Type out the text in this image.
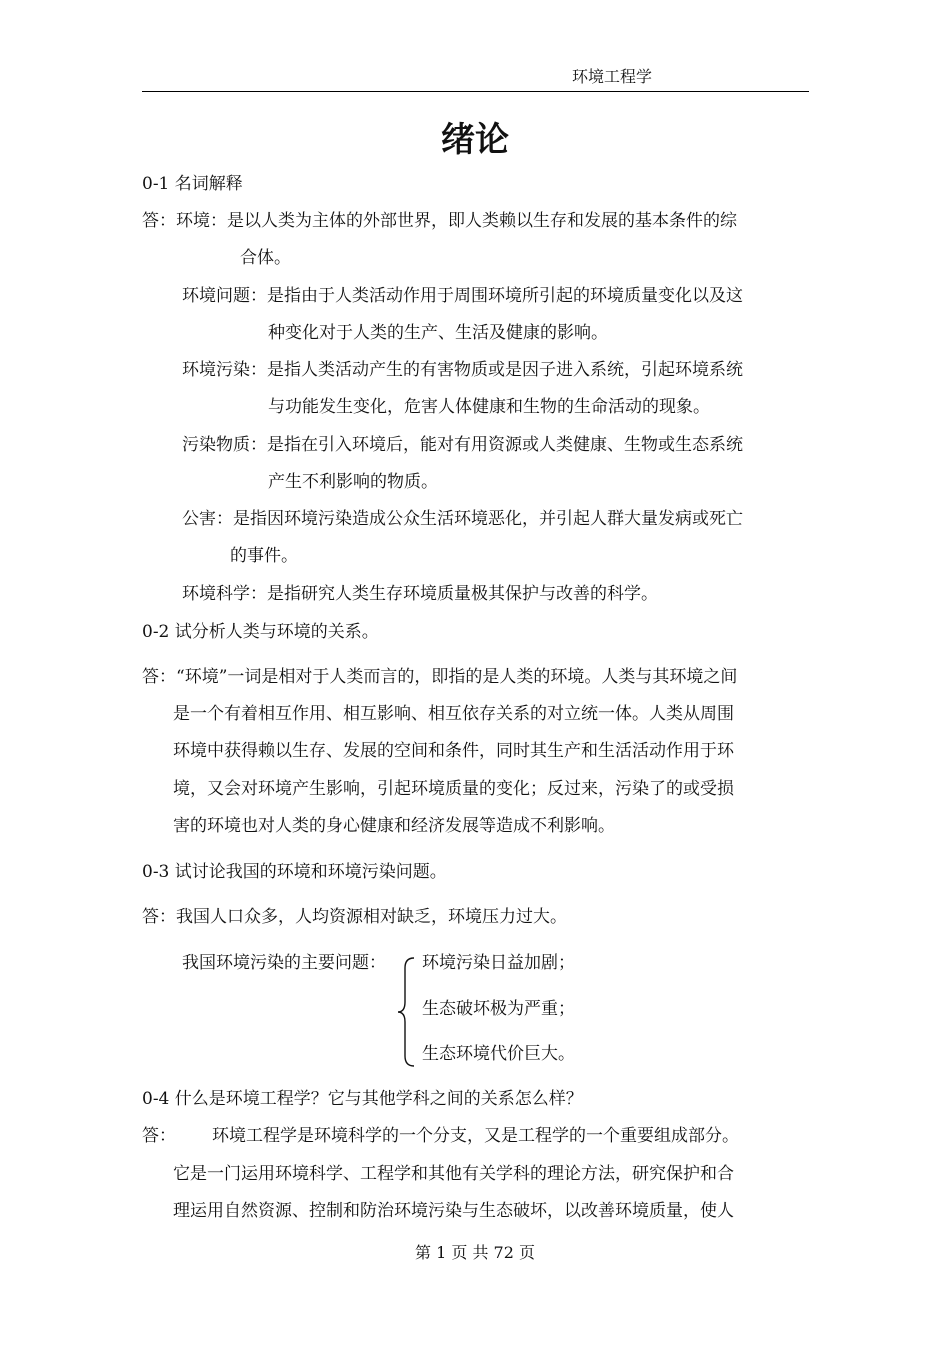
环境工程学
绪论
0-1 名词解释
答：环境：是以人类为主体的外部世界，即人类赖以生存和发展的基本条件的综
合体。
环境问题：是指由于人类活动作用于周围环境所引起的环境质量变化以及这
种变化对于人类的生产、生活及健康的影响。
环境污染：是指人类活动产生的有害物质或是因子进入系统，引起环境系统
与功能发生变化，危害人体健康和生物的生命活动的现象。
污染物质：是指在引入环境后，能对有用资源或人类健康、生物或生态系统
产生不利影响的物质。
公害：是指因环境污染造成公众生活环境恶化，并引起人群大量发病或死亡
的事件。
环境科学：是指研究人类生存环境质量极其保护与改善的科学。
0-2 试分析人类与环境的关系。
答：“环境”一词是相对于人类而言的，即指的是人类的环境。人类与其环境之间
是一个有着相互作用、相互影响、相互依存关系的对立统一体。人类从周围
环境中获得赖以生存、发展的空间和条件，同时其生产和生活活动作用于环
境，又会对环境产生影响，引起环境质量的变化；反过来，污染了的或受损
害的环境也对人类的身心健康和经济发展等造成不利影响。
0-3 试讨论我国的环境和环境污染问题。
答：我国人口众多，人均资源相对缺乏，环境压力过大。
我国环境污染的主要问题： 环境污染日益加剧；
生态破坏极为严重；
生态环境代价巨大。
0-4 什么是环境工程学？它与其他学科之间的关系怎么样？
答： 环境工程学是环境科学的一个分支，又是工程学的一个重要组成部分。
它是一门运用环境科学、工程学和其他有关学科的理论方法，研究保护和合
理运用自然资源、控制和防治环境污染与生态破坏，以改善环境质量，使人
第 1 页 共 72 页
